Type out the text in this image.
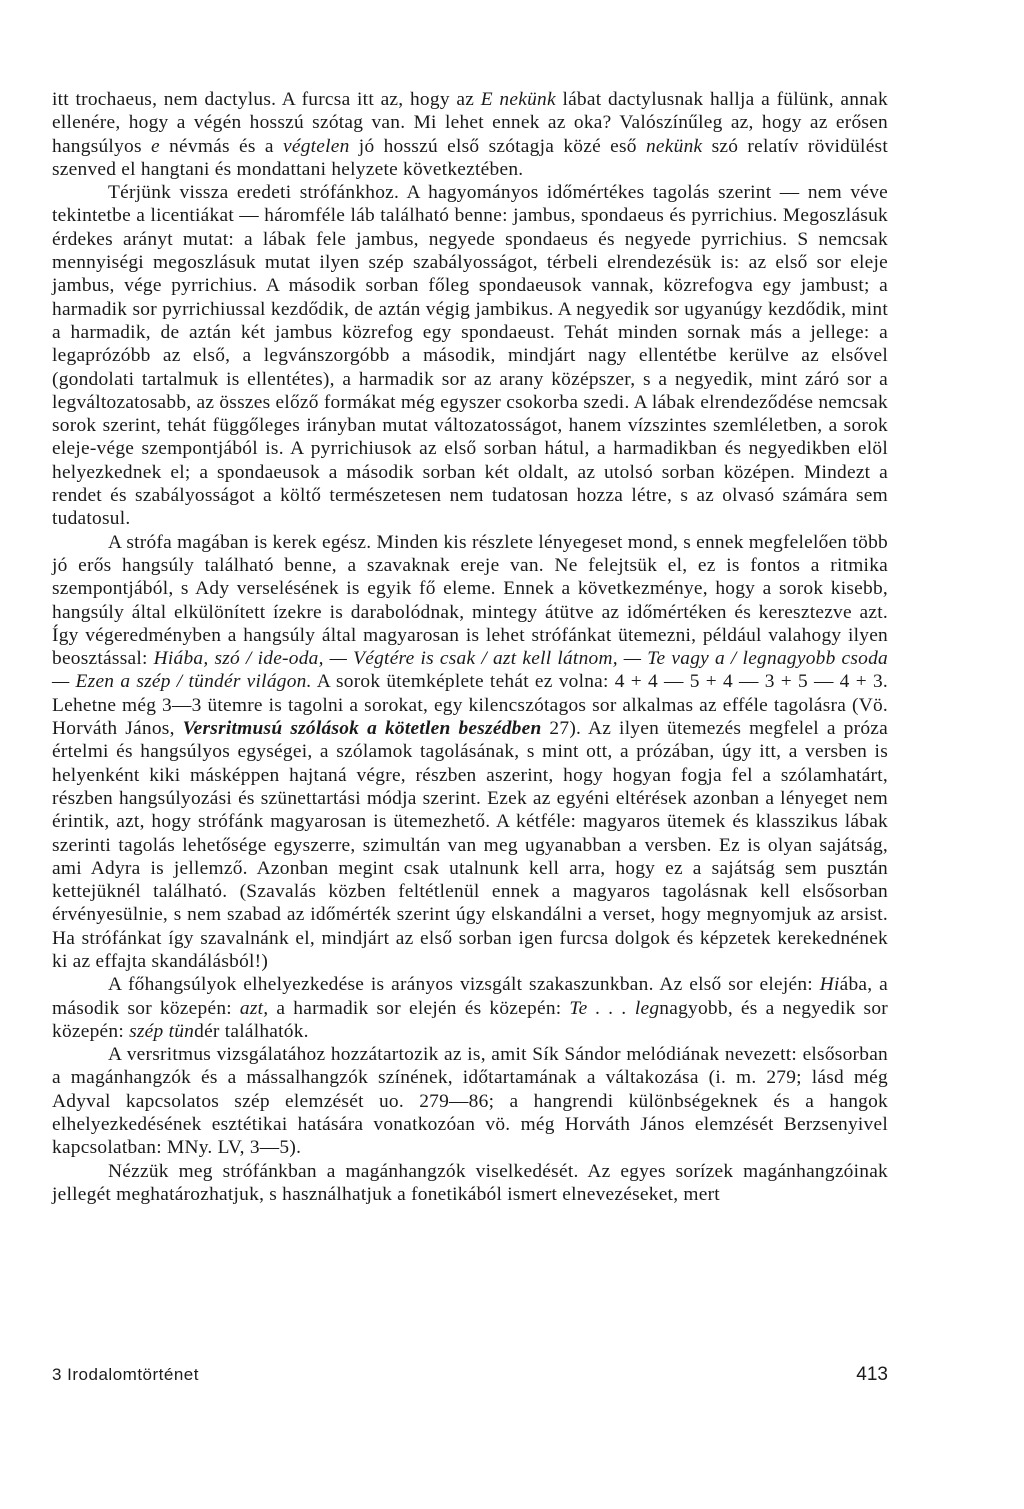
itt trochaeus, nem dactylus. A furcsa itt az, hogy az E nekünk lábat dactylusnak hallja a fülünk, annak ellenére, hogy a végén hosszú szótag van. Mi lehet ennek az oka? Valószínűleg az, hogy az erősen hangsúlyos e névmás és a végtelen jó hosszú első szótagja közé eső nekünk szó relatív rövidülést szenved el hangtani és mondattani helyzete következtében.

Térjünk vissza eredeti strófánkhoz. A hagyományos időmértékes tagolás szerint — nem véve tekintetbe a licentiákat — háromféle láb található benne: jambus, spondaeus és pyrrichius. Megoszlásuk érdekes arányt mutat: a lábak fele jambus, negyede spondaeus és negyede pyrrichius. S nemcsak mennyiségi megoszlásuk mutat ilyen szép szabályosságot, térbeli elrendezésük is: az első sor eleje jambus, vége pyrrichius. A második sorban főleg spondaeusok vannak, közrefogva egy jambust; a harmadik sor pyrrichiussal kezdődik, de aztán végig jambikus. A negyedik sor ugyanúgy kezdődik, mint a harmadik, de aztán két jambus közrefog egy spondaeust. Tehát minden sornak más a jellege: a legaprózóbb az első, a legvánszorgóbb a második, mindjárt nagy ellentétbe kerülve az elsővel (gondolati tartalmuk is ellentétes), a harmadik sor az arany középszer, s a negyedik, mint záró sor a legváltozatosabb, az összes előző formákat még egyszer csokorba szedi. A lábak elrendeződése nemcsak sorok szerint, tehát függőleges irányban mutat változatosságot, hanem vízszintes szemléletben, a sorok eleje-vége szempontjából is. A pyrrichiusok az első sorban hátul, a harmadikban és negyedikben elöl helyezkednek el; a spondaeusok a második sorban két oldalt, az utolsó sorban középen. Mindezt a rendet és szabályosságot a költő természetesen nem tudatosan hozza létre, s az olvasó számára sem tudatosul.

A strófa magában is kerek egész. Minden kis részlete lényegeset mond, s ennek megfelelően több jó erős hangsúly található benne, a szavaknak ereje van. Ne felejtsük el, ez is fontos a ritmika szempontjából, s Ady verselésének is egyik fő eleme. Ennek a következménye, hogy a sorok kisebb, hangsúly által elkülönített ízekre is darabolódnak, mintegy átütve az időmértéken és keresztezve azt. Így végeredményben a hangsúly által magyarosan is lehet strófánkat ütemezni, például valahogy ilyen beosztással: Hiába, szó / ide-oda, — Végtére is csak / azt kell látnom, — Te vagy a / legnagyobb csoda — Ezen a szép / tündér világon. A sorok ütemképlete tehát ez volna: 4 + 4 — 5 + 4 — 3 + 5 — 4 + 3. Lehetne még 3—3 ütemre is tagolni a sorokat, egy kilencszótagos sor alkalmas az efféle tagolásra (Vö. Horváth János, Versritmusú szólások a kötetlen beszédben 27). Az ilyen ütemezés megfelel a próza értelmi és hangsúlyos egységei, a szólamok tagolásának, s mint ott, a prózában, úgy itt, a versben is helyenként kiki másképpen hajtaná végre, részben aszerint, hogy hogyan fogja fel a szólamhatárt, részben hangsúlyozási és szünettartási módja szerint. Ezek az egyéni eltérések azonban a lényeget nem érintik, azt, hogy strófánk magyarosan is ütemezhető. A kétféle: magyaros ütemek és klasszikus lábak szerinti tagolás lehetősége egyszerre, szimultán van meg ugyanabban a versben. Ez is olyan sajátság, ami Adyra is jellemző. Azonban megint csak utalnunk kell arra, hogy ez a sajátság sem pusztán kettejüknél található. (Szavalás közben feltétlenül ennek a magyaros tagolásnak kell elsősorban érvényesülnie, s nem szabad az időmérték szerint úgy elskandálni a verset, hogy megnyomjuk az arsist. Ha strófánkat így szavalnánk el, mindjárt az első sorban igen furcsa dolgok és képzetek kerekednének ki az effajta skandálásból!)

A főhangsúlyok elhelyezkedése is arányos vizsgált szakaszunkban. Az első sor elején: Hiába, a második sor közepén: azt, a harmadik sor elején és közepén: Te . . . legnagyobb, és a negyedik sor közepén: szép tündér találhatók.

A versritmus vizsgálatához hozzátartozik az is, amit Sík Sándor melódiának nevezett: elsősorban a magánhangzók és a mássalhangzók színének, időtartamának a váltakozása (i. m. 279; lásd még Adyval kapcsolatos szép elemzését uo. 279—86; a hangrendi különbségeknek és a hangok elhelyezkedésének esztétikai hatására vonatkozóan vö. még Horváth János elemzését Berzsenyivel kapcsolatban: MNy. LV, 3—5).

Nézzük meg strófánkban a magánhangzók viselkedését. Az egyes sorízek magánhangzóinak jellegét meghatározhatjuk, s használhatjuk a fonetikából ismert elnevezéseket, mert

3 Irodalomtörténet	413
